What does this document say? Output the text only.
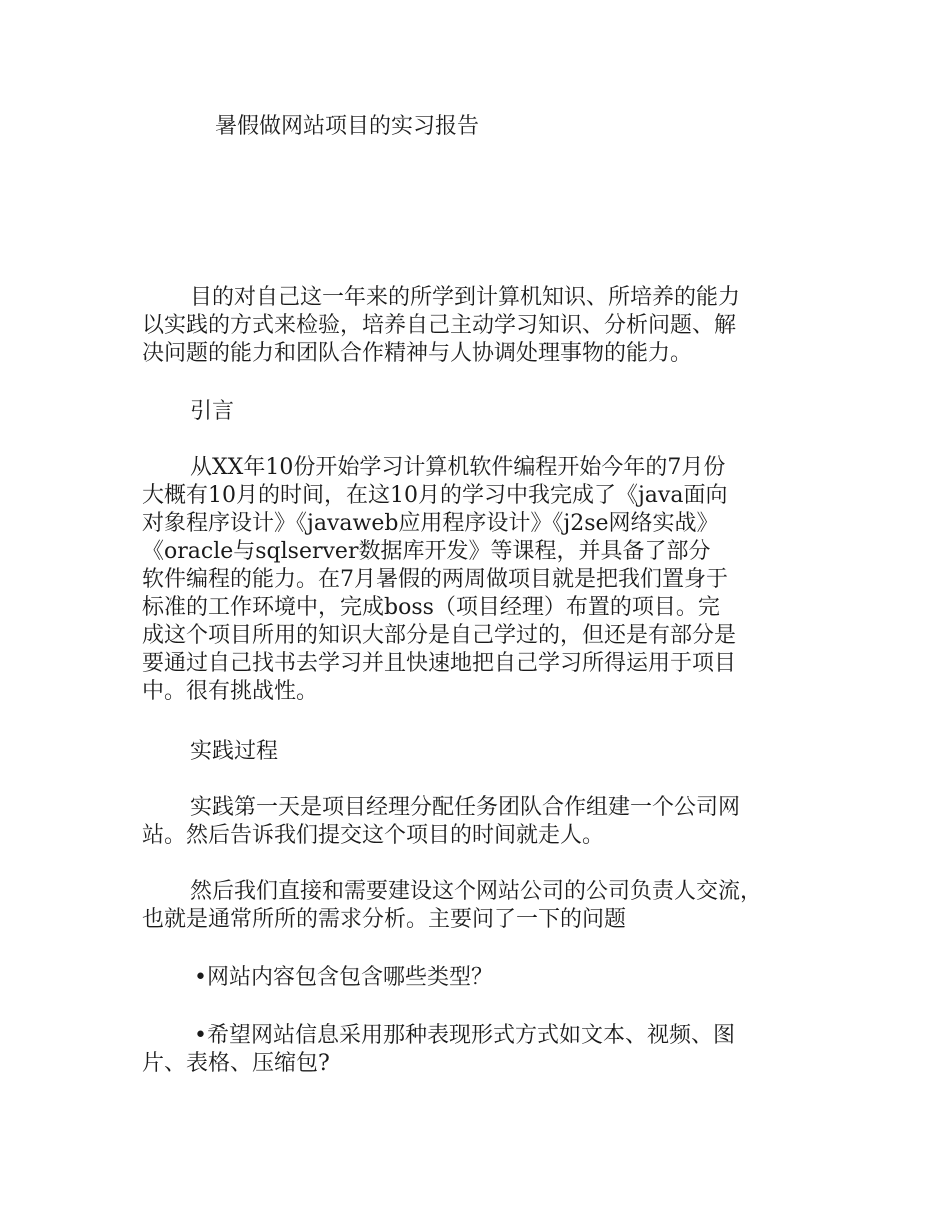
暑假做网站项目的实习报告

目的对自己这一年来的所学到计算机知识、所培养的能力
以实践的方式来检验，培养自己主动学习知识、分析问题、解
决问题的能力和团队合作精神与人协调处理事物的能力。

引言

从XX年10份开始学习计算机软件编程开始今年的7月份
大概有10月的时间，在这10月的学习中我完成了《java面向
对象程序设计》《javaweb应用程序设计》《j2se网络实战》
《oracle与sqlserver数据库开发》等课程，并具备了部分
软件编程的能力。在7月暑假的两周做项目就是把我们置身于
标准的工作环境中，完成boss（项目经理）布置的项目。完
成这个项目所用的知识大部分是自己学过的，但还是有部分是
要通过自己找书去学习并且快速地把自己学习所得运用于项目
中。很有挑战性。

实践过程

实践第一天是项目经理分配任务团队合作组建一个公司网
站。然后告诉我们提交这个项目的时间就走人。

然后我们直接和需要建设这个网站公司的公司负责人交流，
也就是通常所所的需求分析。主要问了一下的问题

•网站内容包含包含哪些类型？

•希望网站信息采用那种表现形式方式如文本、视频、图
片、表格、压缩包?
